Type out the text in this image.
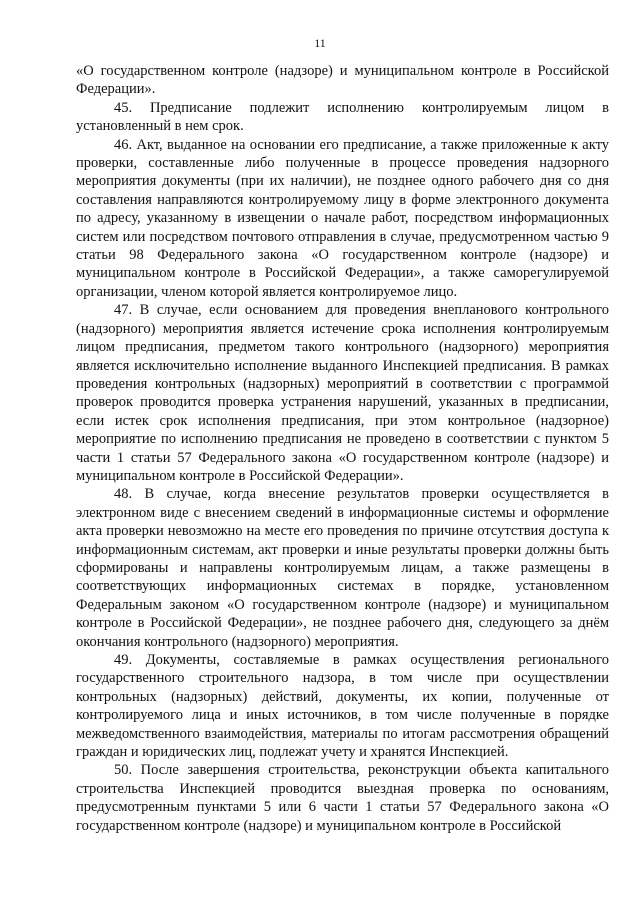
11

«О государственном контроле (надзоре) и муниципальном контроле в Российской Федерации».

45. Предписание подлежит исполнению контролируемым лицом в установленный в нем срок.

46. Акт, выданное на основании его предписание, а также приложенные к акту проверки, составленные либо полученные в процессе проведения надзорного мероприятия документы (при их наличии), не позднее одного рабочего дня со дня составления направляются контролируемому лицу в форме электронного документа по адресу, указанному в извещении о начале работ, посредством информационных систем или посредством почтового отправления в случае, предусмотренном частью 9 статьи 98 Федерального закона «О государственном контроле (надзоре) и муниципальном контроле в Российской Федерации», а также саморегулируемой организации, членом которой является контролируемое лицо.

47. В случае, если основанием для проведения внепланового контрольного (надзорного) мероприятия является истечение срока исполнения контролируемым лицом предписания, предметом такого контрольного (надзорного) мероприятия является исключительно исполнение выданного Инспекцией предписания. В рамках проведения контрольных (надзорных) мероприятий в соответствии с программой проверок проводится проверка устранения нарушений, указанных в предписании, если истек срок исполнения предписания, при этом контрольное (надзорное) мероприятие по исполнению предписания не проведено в соответствии с пунктом 5 части 1 статьи 57 Федерального закона «О государственном контроле (надзоре) и муниципальном контроле в Российской Федерации».

48. В случае, когда внесение результатов проверки осуществляется в электронном виде с внесением сведений в информационные системы и оформление акта проверки невозможно на месте его проведения по причине отсутствия доступа к информационным системам, акт проверки и иные результаты проверки должны быть сформированы и направлены контролируемым лицам, а также размещены в соответствующих информационных системах в порядке, установленном Федеральным законом «О государственном контроле (надзоре) и муниципальном контроле в Российской Федерации», не позднее рабочего дня, следующего за днём окончания контрольного (надзорного) мероприятия.

49. Документы, составляемые в рамках осуществления регионального государственного строительного надзора, в том числе при осуществлении контрольных (надзорных) действий, документы, их копии, полученные от контролируемого лица и иных источников, в том числе полученные в порядке межведомственного взаимодействия, материалы по итогам рассмотрения обращений граждан и юридических лиц, подлежат учету и хранятся Инспекцией.

50. После завершения строительства, реконструкции объекта капитального строительства Инспекцией проводится выездная проверка по основаниям, предусмотренным пунктами 5 или 6 части 1 статьи 57 Федерального закона «О государственном контроле (надзоре) и муниципальном контроле в Российской
